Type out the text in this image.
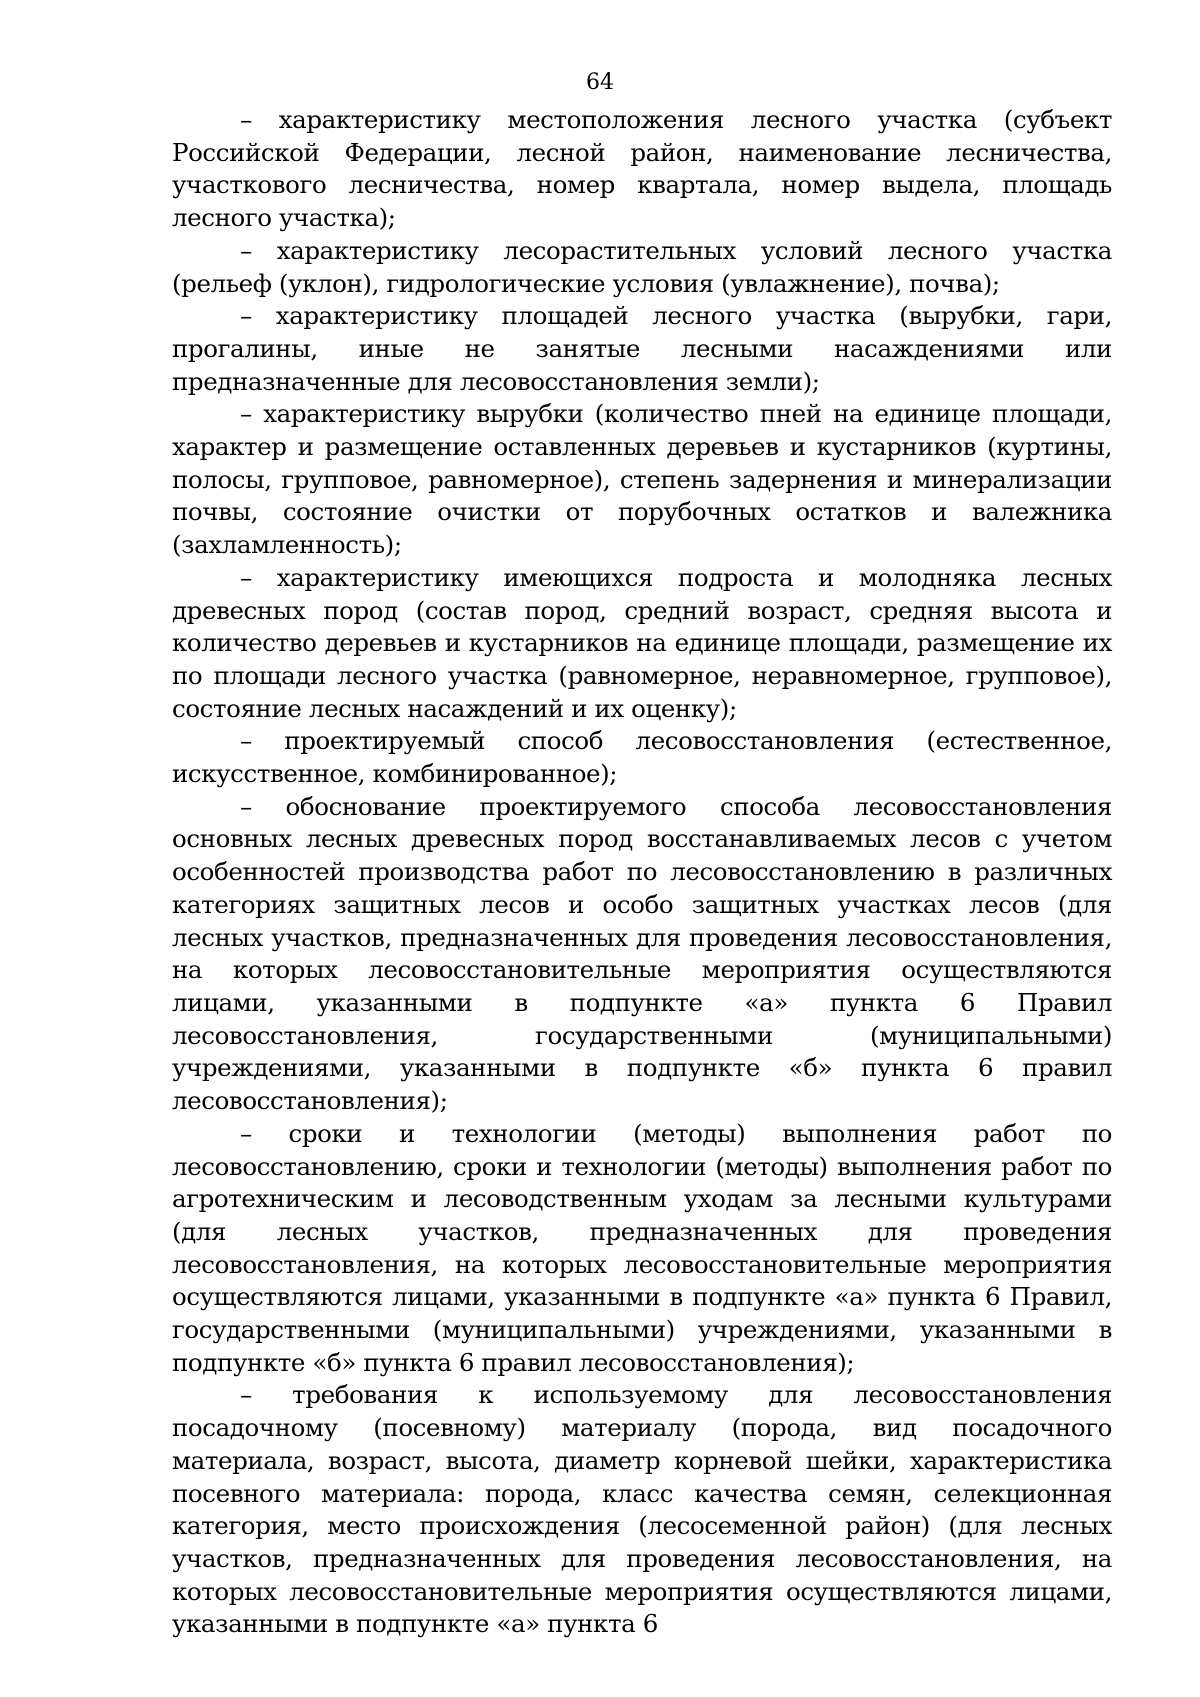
64

– характеристику местоположения лесного участка (субъект Российской Федерации, лесной район, наименование лесничества, участкового лесничества, номер квартала, номер выдела, площадь лесного участка);

– характеристику лесорастительных условий лесного участка (рельеф (уклон), гидрологические условия (увлажнение), почва);

– характеристику площадей лесного участка (вырубки, гари, прогалины, иные не занятые лесными насаждениями или предназначенные для лесовосстановления земли);

– характеристику вырубки (количество пней на единице площади, характер и размещение оставленных деревьев и кустарников (куртины, полосы, групповое, равномерное), степень задернения и минерализации почвы, состояние очистки от порубочных остатков и валежника (захламленность);

– характеристику имеющихся подроста и молодняка лесных древесных пород (состав пород, средний возраст, средняя высота и количество деревьев и кустарников на единице площади, размещение их по площади лесного участка (равномерное, неравномерное, групповое), состояние лесных насаждений и их оценку);

– проектируемый способ лесовосстановления (естественное, искусственное, комбинированное);

– обоснование проектируемого способа лесовосстановления основных лесных древесных пород восстанавливаемых лесов с учетом особенностей производства работ по лесовосстановлению в различных категориях защитных лесов и особо защитных участках лесов (для лесных участков, предназначенных для проведения лесовосстановления, на которых лесовосстановительные мероприятия осуществляются лицами, указанными в подпункте «а» пункта 6 Правил лесовосстановления, государственными (муниципальными) учреждениями, указанными в подпункте «б» пункта 6 правил лесовосстановления);

– сроки и технологии (методы) выполнения работ по лесовосстановлению, сроки и технологии (методы) выполнения работ по агротехническим и лесоводственным уходам за лесными культурами (для лесных участков, предназначенных для проведения лесовосстановления, на которых лесовосстановительные мероприятия осуществляются лицами, указанными в подпункте «а» пункта 6 Правил, государственными (муниципальными) учреждениями, указанными в подпункте «б» пункта 6 правил лесовосстановления);

– требования к используемому для лесовосстановления посадочному (посевному) материалу (порода, вид посадочного материала, возраст, высота, диаметр корневой шейки, характеристика посевного материала: порода, класс качества семян, селекционная категория, место происхождения (лесосеменной район) (для лесных участков, предназначенных для проведения лесовосстановления, на которых лесовосстановительные мероприятия осуществляются лицами, указанными в подпункте «а» пункта 6
